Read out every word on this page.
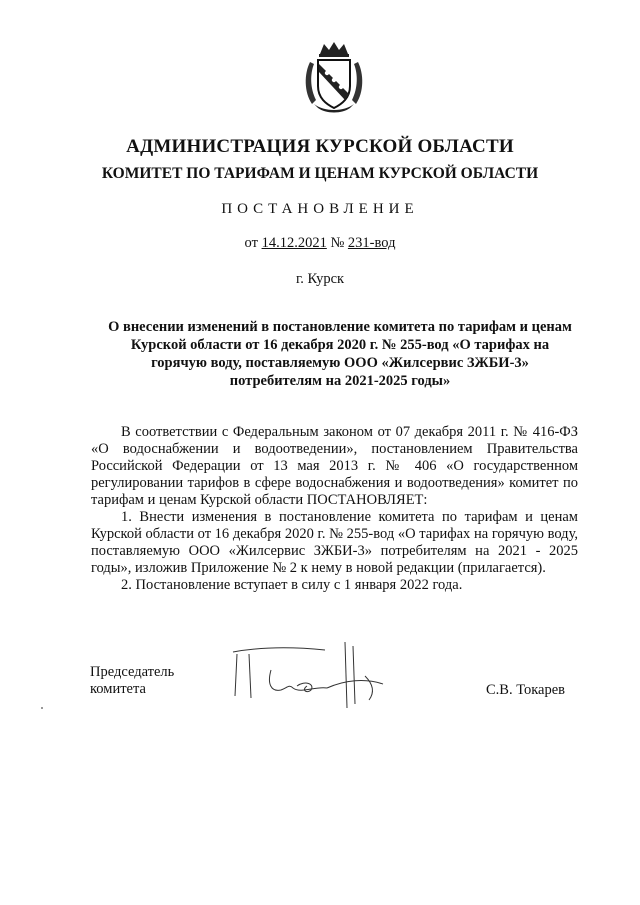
АДМИНИСТРАЦИЯ КУРСКОЙ ОБЛАСТИ
КОМИТЕТ ПО ТАРИФАМ И ЦЕНАМ КУРСКОЙ ОБЛАСТИ
ПОСТАНОВЛЕНИЕ
от 14.12.2021 № 231-вод
г. Курск
О внесении изменений в постановление комитета по тарифам и ценам
Курской области от 16 декабря 2020 г. № 255-вод «О тарифах на
горячую воду, поставляемую ООО «Жилсервис ЗЖБИ-3»
потребителям на 2021-2025 годы»

В соответствии с Федеральным законом от 07 декабря 2011 г. № 416-ФЗ «О водоснабжении и водоотведении», постановлением Правительства Российской Федерации от 13 мая 2013 г. № 406 «О государственном регулировании тарифов в сфере водоснабжения и водоотведения» комитет по тарифам и ценам Курской области ПОСТАНОВЛЯЕТ:

1. Внести изменения в постановление комитета по тарифам и ценам Курской области от 16 декабря 2020 г. № 255-вод «О тарифах на горячую воду, поставляемую ООО «Жилсервис ЗЖБИ-3» потребителям на 2021 - 2025 годы», изложив Приложение № 2 к нему в новой редакции (прилагается).

2. Постановление вступает в силу с 1 января 2022 года.

Председатель
комитета	С.В. Токарев
